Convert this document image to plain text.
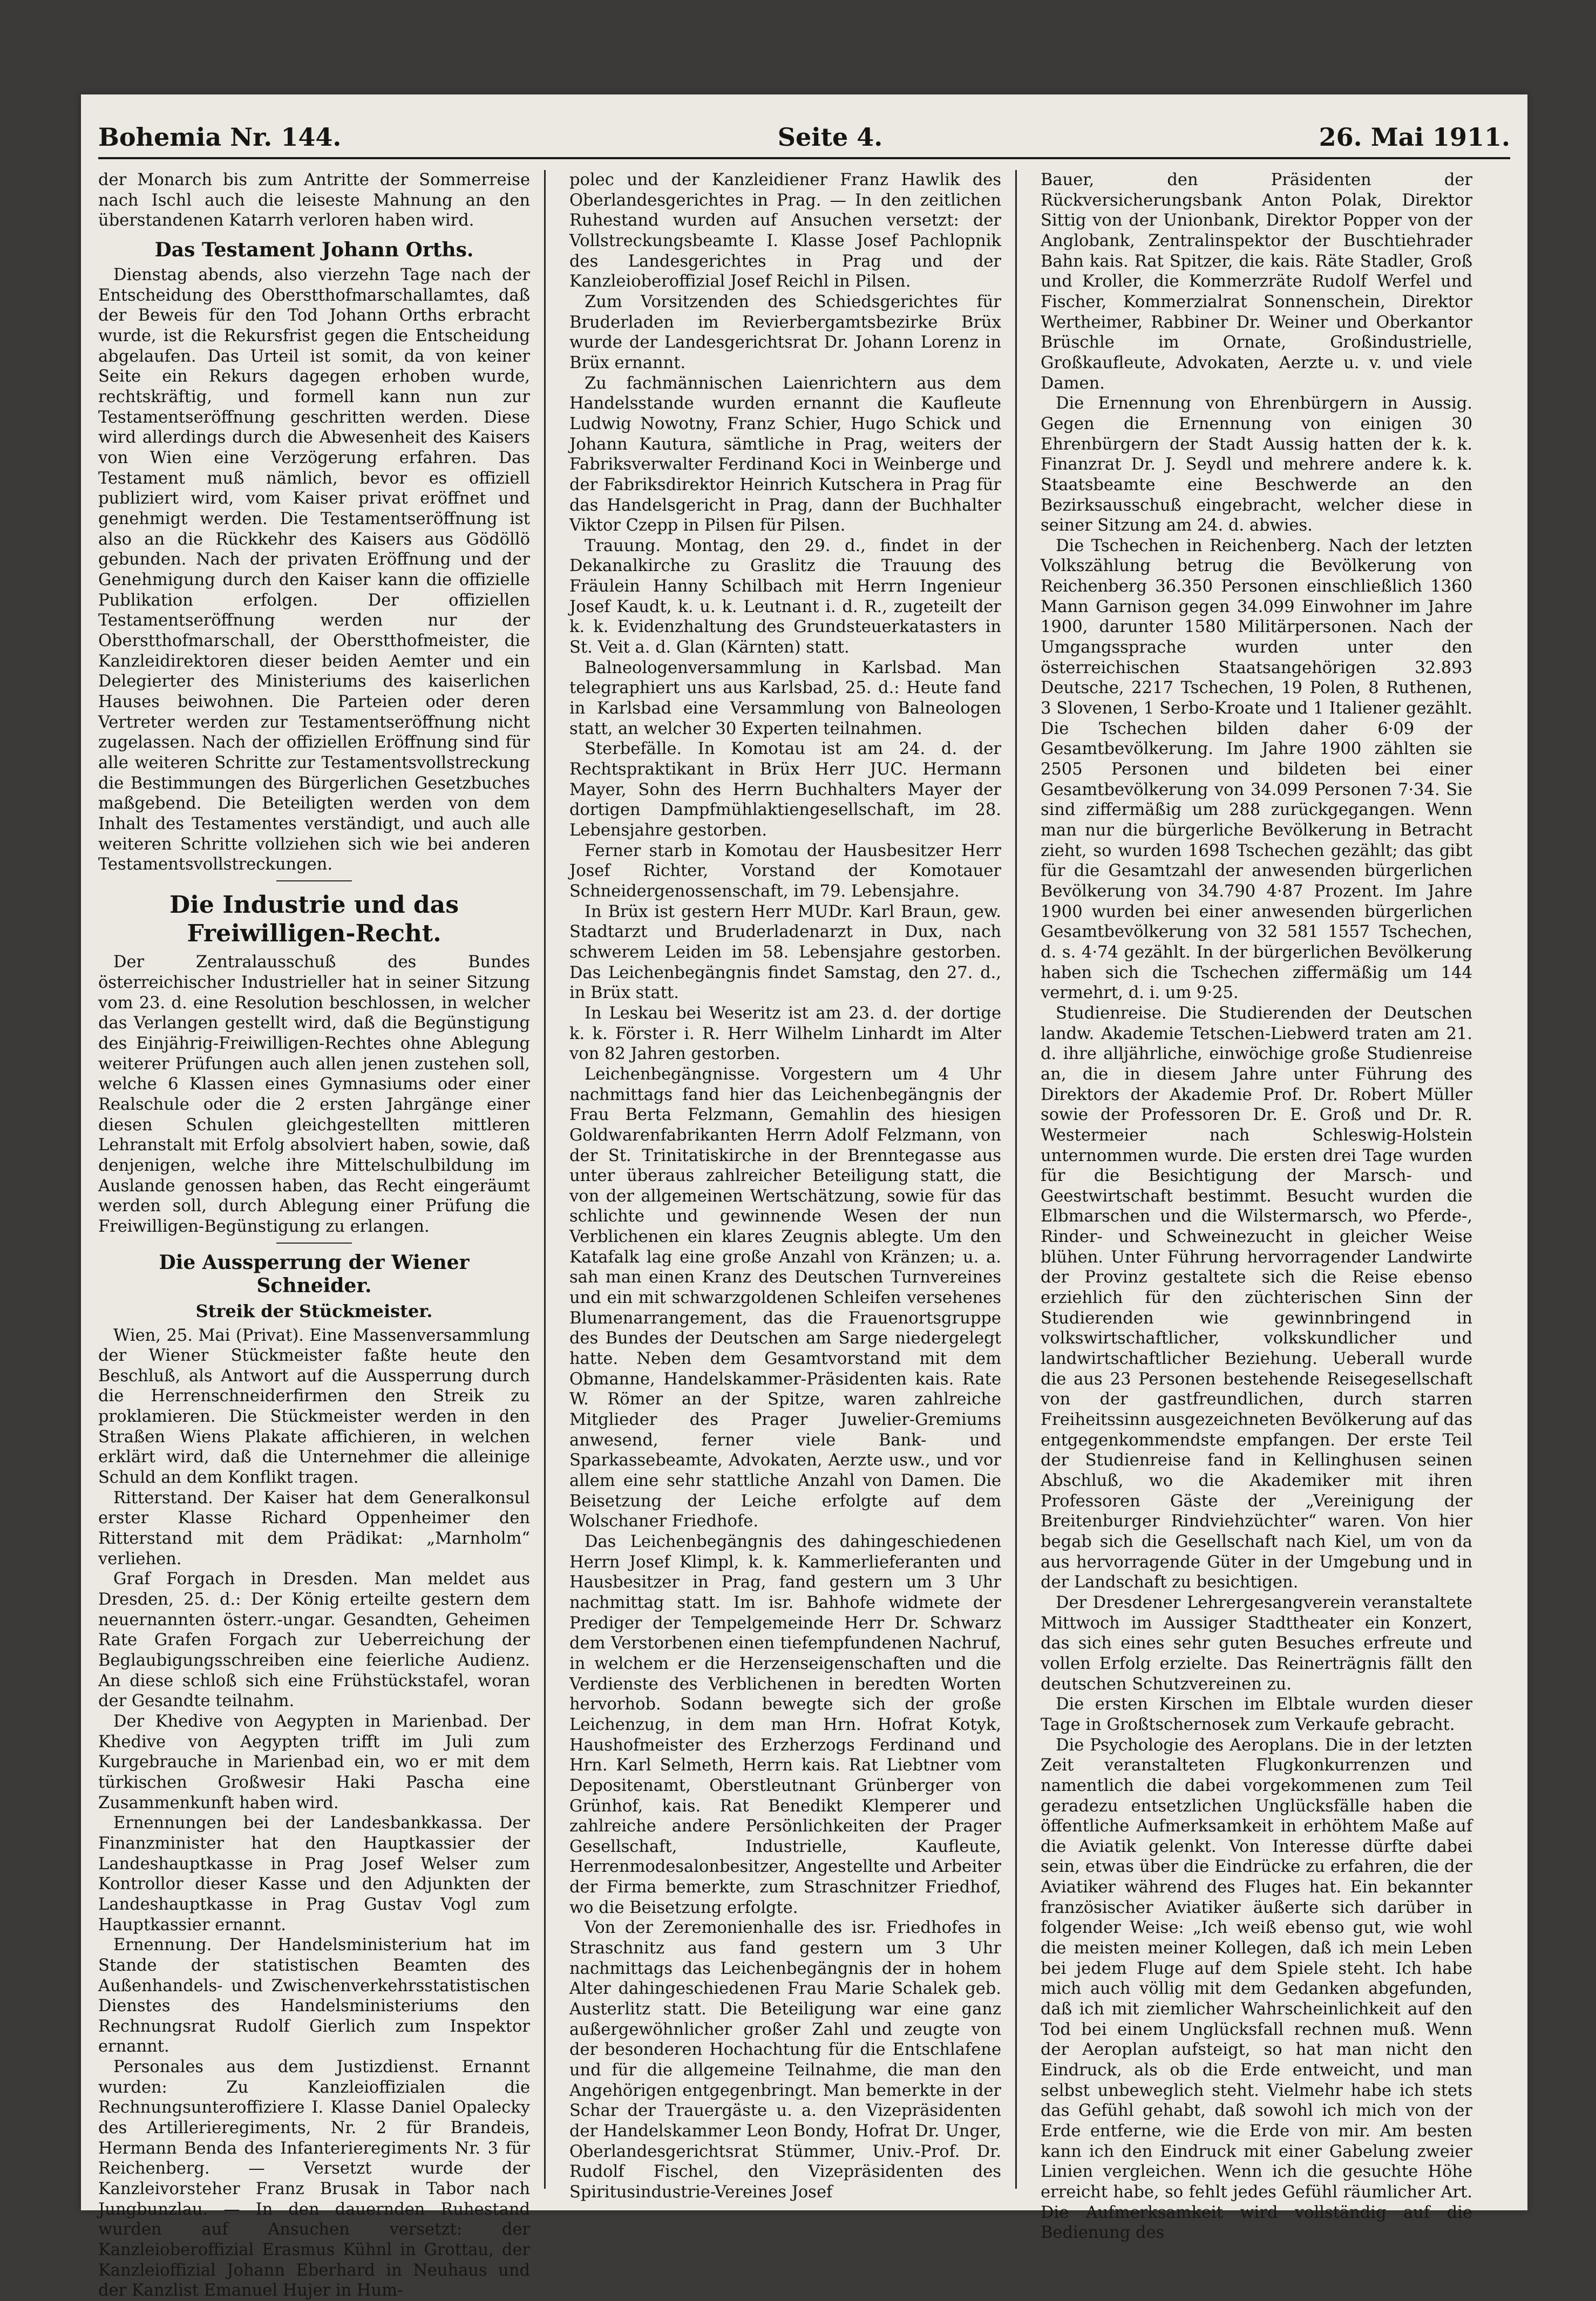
Bohemia Nr. 144.	Seite 4.	26. Mai 1911.

der Monarch bis zum Antritte der Sommerreise nach Ischl auch die leiseste Mahnung an den überstandenen Katarrh verloren haben wird.

Das Testament Johann Orths.

Dienstag abends, also vierzehn Tage nach der Entscheidung des Oberstthofmarschallamtes, daß der Beweis für den Tod Johann Orths erbracht wurde, ist die Rekursfrist gegen die Entscheidung abgelaufen. Das Urteil ist somit, da von keiner Seite ein Rekurs dagegen erhoben wurde, rechtskräftig, und formell kann nun zur Testamentseröffnung geschritten werden. Diese wird allerdings durch die Abwesenheit des Kaisers von Wien eine Verzögerung erfahren. Das Testament muß nämlich, bevor es offiziell publiziert wird, vom Kaiser privat eröffnet und genehmigt werden. Die Testamentseröffnung ist also an die Rückkehr des Kaisers aus Gödöllö gebunden. Nach der privaten Eröffnung und der Genehmigung durch den Kaiser kann die offizielle Publikation erfolgen. Der offiziellen Testamentseröffnung werden nur der Oberstthofmarschall, der Oberstthofmeister, die Kanzleidirektoren dieser beiden Aemter und ein Delegierter des Ministeriums des kaiserlichen Hauses beiwohnen. Die Parteien oder deren Vertreter werden zur Testamentseröffnung nicht zugelassen. Nach der offiziellen Eröffnung sind für alle weiteren Schritte zur Testamentsvollstreckung die Bestimmungen des Bürgerlichen Gesetzbuches maßgebend. Die Beteiligten werden von dem Inhalt des Testamentes verständigt, und auch alle weiteren Schritte vollziehen sich wie bei anderen Testamentsvollstreckungen.

Die Industrie und das Freiwilligen-Recht.

Der Zentralausschuß des Bundes österreichischer Industrieller hat in seiner Sitzung vom 23. d. eine Resolution beschlossen, in welcher das Verlangen gestellt wird, daß die Begünstigung des Einjährig-Freiwilligen-Rechtes ohne Ablegung weiterer Prüfungen auch allen jenen zustehen soll, welche 6 Klassen eines Gymnasiums oder einer Realschule oder die 2 ersten Jahrgänge einer diesen Schulen gleichgestellten mittleren Lehranstalt mit Erfolg absolviert haben, sowie, daß denjenigen, welche ihre Mittelschulbildung im Auslande genossen haben, das Recht eingeräumt werden soll, durch Ablegung einer Prüfung die Freiwilligen-Begünstigung zu erlangen.

Die Aussperrung der Wiener Schneider.
Streik der Stückmeister.

Wien, 25. Mai (Privat). Eine Massenversammlung der Wiener Stückmeister faßte heute den Beschluß, als Antwort auf die Aussperrung durch die Herrenschneiderfirmen den Streik zu proklamieren. Die Stückmeister werden in den Straßen Wiens Plakate affichieren, in welchen erklärt wird, daß die Unternehmer die alleinige Schuld an dem Konflikt tragen.

Ritterstand. Der Kaiser hat dem Generalkonsul erster Klasse Richard Oppenheimer den Ritterstand mit dem Prädikat: „Marnholm“ verliehen.

Graf Forgach in Dresden. Man meldet aus Dresden, 25. d.: Der König erteilte gestern dem neuernannten österr.-ungar. Gesandten, Geheimen Rate Grafen Forgach zur Ueberreichung der Beglaubigungsschreiben eine feierliche Audienz. An diese schloß sich eine Frühstückstafel, woran der Gesandte teilnahm.

Der Khedive von Aegypten in Marienbad. Der Khedive von Aegypten trifft im Juli zum Kurgebrauche in Marienbad ein, wo er mit dem türkischen Großwesir Haki Pascha eine Zusammenkunft haben wird.

Ernennungen bei der Landesbankkassa. Der Finanzminister hat den Hauptkassier der Landeshauptkasse in Prag Josef Welser zum Kontrollor dieser Kasse und den Adjunkten der Landeshauptkasse in Prag Gustav Vogl zum Hauptkassier ernannt.

Ernennung. Der Handelsministerium hat im Stande der statistischen Beamten des Außenhandels- und Zwischenverkehrsstatistischen Dienstes des Handelsministeriums den Rechnungsrat Rudolf Gierlich zum Inspektor ernannt.

Personales aus dem Justizdienst. Ernannt wurden: Zu Kanzleioffizialen die Rechnungsunteroffiziere I. Klasse Daniel Opalecky des Artillerieregiments, Nr. 2 für Brandeis, Hermann Benda des Infanterieregiments Nr. 3 für Reichenberg. — Versetzt wurde der Kanzleivorsteher Franz Brusak in Tabor nach Jungbunzlau. — In den dauernden Ruhestand wurden auf Ansuchen versetzt: der Kanzleioberoffizial Erasmus Kühnl in Grottau, der Kanzleioffizial Johann Eberhard in Neuhaus und der Kanzlist Emanuel Hujer in Hum-

polec und der Kanzleidiener Franz Hawlik des Oberlandesgerichtes in Prag. — In den zeitlichen Ruhestand wurden auf Ansuchen versetzt: der Vollstreckungsbeamte I. Klasse Josef Pachlopnik des Landesgerichtes in Prag und der Kanzleioberoffizial Josef Reichl in Pilsen.

Zum Vorsitzenden des Schiedsgerichtes für Bruderladen im Revierbergamtsbezirke Brüx wurde der Landesgerichtsrat Dr. Johann Lorenz in Brüx ernannt.

Zu fachmännischen Laienrichtern aus dem Handelsstande wurden ernannt die Kaufleute Ludwig Nowotny, Franz Schier, Hugo Schick und Johann Kautura, sämtliche in Prag, weiters der Fabriksverwalter Ferdinand Koci in Weinberge und der Fabriksdirektor Heinrich Kutschera in Prag für das Handelsgericht in Prag, dann der Buchhalter Viktor Czepp in Pilsen für Pilsen.

Trauung. Montag, den 29. d., findet in der Dekanalkirche zu Graslitz die Trauung des Fräulein Hanny Schilbach mit Herrn Ingenieur Josef Kaudt, k. u. k. Leutnant i. d. R., zugeteilt der k. k. Evidenzhaltung des Grundsteuerkatasters in St. Veit a. d. Glan (Kärnten) statt.

Balneologenversammlung in Karlsbad. Man telegraphiert uns aus Karlsbad, 25. d.: Heute fand in Karlsbad eine Versammlung von Balneologen statt, an welcher 30 Experten teilnahmen.

Sterbefälle. In Komotau ist am 24. d. der Rechtspraktikant in Brüx Herr JUC. Hermann Mayer, Sohn des Herrn Buchhalters Mayer der dortigen Dampfmühlaktiengesellschaft, im 28. Lebensjahre gestorben.

Ferner starb in Komotau der Hausbesitzer Herr Josef Richter, Vorstand der Komotauer Schneidergenossenschaft, im 79. Lebensjahre.

In Brüx ist gestern Herr MUDr. Karl Braun, gew. Stadtarzt und Bruderladenarzt in Dux, nach schwerem Leiden im 58. Lebensjahre gestorben. Das Leichenbegängnis findet Samstag, den 27. d., in Brüx statt.

In Leskau bei Weseritz ist am 23. d. der dortige k. k. Förster i. R. Herr Wilhelm Linhardt im Alter von 82 Jahren gestorben.

Leichenbegängnisse. Vorgestern um 4 Uhr nachmittags fand hier das Leichenbegängnis der Frau Berta Felzmann, Gemahlin des hiesigen Goldwarenfabrikanten Herrn Adolf Felzmann, von der St. Trinitatiskirche in der Brenntegasse aus unter überaus zahlreicher Beteiligung statt, die von der allgemeinen Wertschätzung, sowie für das schlichte und gewinnende Wesen der nun Verblichenen ein klares Zeugnis ablegte. Um den Katafalk lag eine große Anzahl von Kränzen; u. a. sah man einen Kranz des Deutschen Turnvereines und ein mit schwarzgoldenen Schleifen versehenes Blumenarrangement, das die Frauenortsgruppe des Bundes der Deutschen am Sarge niedergelegt hatte. Neben dem Gesamtvorstand mit dem Obmanne, Handelskammer-Präsidenten kais. Rate W. Römer an der Spitze, waren zahlreiche Mitglieder des Prager Juwelier-Gremiums anwesend, ferner viele Bank- und Sparkassebeamte, Advokaten, Aerzte usw., und vor allem eine sehr stattliche Anzahl von Damen. Die Beisetzung der Leiche erfolgte auf dem Wolschaner Friedhofe.

Das Leichenbegängnis des dahingeschiedenen Herrn Josef Klimpl, k. k. Kammerlieferanten und Hausbesitzer in Prag, fand gestern um 3 Uhr nachmittag statt. Im isr. Bahhofe widmete der Prediger der Tempelgemeinde Herr Dr. Schwarz dem Verstorbenen einen tiefempfundenen Nachruf, in welchem er die Herzenseigenschaften und die Verdienste des Verblichenen in beredten Worten hervorhob. Sodann bewegte sich der große Leichenzug, in dem man Hrn. Hofrat Kotyk, Haushofmeister des Erzherzogs Ferdinand und Hrn. Karl Selmeth, Herrn kais. Rat Liebtner vom Depositenamt, Oberstleutnant Grünberger von Grünhof, kais. Rat Benedikt Klemperer und zahlreiche andere Persönlichkeiten der Prager Gesellschaft, Industrielle, Kaufleute, Herrenmodesalonbesitzer, Angestellte und Arbeiter der Firma bemerkte, zum Straschnitzer Friedhof, wo die Beisetzung erfolgte.

Von der Zeremonienhalle des isr. Friedhofes in Straschnitz aus fand gestern um 3 Uhr nachmittags das Leichenbegängnis der in hohem Alter dahingeschiedenen Frau Marie Schalek geb. Austerlitz statt. Die Beteiligung war eine ganz außergewöhnlicher großer Zahl und zeugte von der besonderen Hochachtung für die Entschlafene und für die allgemeine Teilnahme, die man den Angehörigen entgegenbringt. Man bemerkte in der Schar der Trauergäste u. a. den Vizepräsidenten der Handelskammer Leon Bondy, Hofrat Dr. Unger, Oberlandesgerichtsrat Stümmer, Univ.-Prof. Dr. Rudolf Fischel, den Vizepräsidenten des Spiritusindustrie-Vereines Josef

Bauer, den Präsidenten der Rückversicherungsbank Anton Polak, Direktor Sittig von der Unionbank, Direktor Popper von der Anglobank, Zentralinspektor der Buschtiehrader Bahn kais. Rat Spitzer, die kais. Räte Stadler, Groß und Kroller, die Kommerzräte Rudolf Werfel und Fischer, Kommerzialrat Sonnenschein, Direktor Wertheimer, Rabbiner Dr. Weiner und Oberkantor Brüschle im Ornate, Großindustrielle, Großkaufleute, Advokaten, Aerzte u. v. und viele Damen.

Die Ernennung von Ehrenbürgern in Aussig. Gegen die Ernennung von einigen 30 Ehrenbürgern der Stadt Aussig hatten der k. k. Finanzrat Dr. J. Seydl und mehrere andere k. k. Staatsbeamte eine Beschwerde an den Bezirksausschuß eingebracht, welcher diese in seiner Sitzung am 24. d. abwies.

Die Tschechen in Reichenberg. Nach der letzten Volkszählung betrug die Bevölkerung von Reichenberg 36.350 Personen einschließlich 1360 Mann Garnison gegen 34.099 Einwohner im Jahre 1900, darunter 1580 Militärpersonen. Nach der Umgangssprache wurden unter den österreichischen Staatsangehörigen 32.893 Deutsche, 2217 Tschechen, 19 Polen, 8 Ruthenen, 3 Slovenen, 1 Serbo-Kroate und 1 Italiener gezählt. Die Tschechen bilden daher 6·09 der Gesamtbevölkerung. Im Jahre 1900 zählten sie 2505 Personen und bildeten bei einer Gesamtbevölkerung von 34.099 Personen 7·34. Sie sind ziffermäßig um 288 zurückgegangen. Wenn man nur die bürgerliche Bevölkerung in Betracht zieht, so wurden 1698 Tschechen gezählt; das gibt für die Gesamtzahl der anwesenden bürgerlichen Bevölkerung von 34.790 4·87 Prozent. Im Jahre 1900 wurden bei einer anwesenden bürgerlichen Gesamtbevölkerung von 32 581 1557 Tschechen, d. s. 4·74 gezählt. In der bürgerlichen Bevölkerung haben sich die Tschechen ziffermäßig um 144 vermehrt, d. i. um 9·25.

Studienreise. Die Studierenden der Deutschen landw. Akademie Tetschen-Liebwerd traten am 21. d. ihre alljährliche, einwöchige große Studienreise an, die in diesem Jahre unter Führung des Direktors der Akademie Prof. Dr. Robert Müller sowie der Professoren Dr. E. Groß und Dr. R. Westermeier nach Schleswig-Holstein unternommen wurde. Die ersten drei Tage wurden für die Besichtigung der Marsch- und Geestwirtschaft bestimmt. Besucht wurden die Elbmarschen und die Wilstermarsch, wo Pferde-, Rinder- und Schweinezucht in gleicher Weise blühen. Unter Führung hervorragender Landwirte der Provinz gestaltete sich die Reise ebenso erziehlich für den züchterischen Sinn der Studierenden wie gewinnbringend in volkswirtschaftlicher, volkskundlicher und landwirtschaftlicher Beziehung. Ueberall wurde die aus 23 Personen bestehende Reisegesellschaft von der gastfreundlichen, durch starren Freiheitssinn ausgezeichneten Bevölkerung auf das entgegenkommendste empfangen. Der erste Teil der Studienreise fand in Kellinghusen seinen Abschluß, wo die Akademiker mit ihren Professoren Gäste der „Vereinigung der Breitenburger Rindviehzüchter“ waren. Von hier begab sich die Gesellschaft nach Kiel, um von da aus hervorragende Güter in der Umgebung und in der Landschaft zu besichtigen.

Der Dresdener Lehrergesangverein veranstaltete Mittwoch im Aussiger Stadttheater ein Konzert, das sich eines sehr guten Besuches erfreute und vollen Erfolg erzielte. Das Reinerträgnis fällt den deutschen Schutzvereinen zu.

Die ersten Kirschen im Elbtale wurden dieser Tage in Großtschernosek zum Verkaufe gebracht.

Die Psychologie des Aeroplans. Die in der letzten Zeit veranstalteten Flugkonkurrenzen und namentlich die dabei vorgekommenen zum Teil geradezu entsetzlichen Unglücksfälle haben die öffentliche Aufmerksamkeit in erhöhtem Maße auf die Aviatik gelenkt. Von Interesse dürfte dabei sein, etwas über die Eindrücke zu erfahren, die der Aviatiker während des Fluges hat. Ein bekannter französischer Aviatiker äußerte sich darüber in folgender Weise: „Ich weiß ebenso gut, wie wohl die meisten meiner Kollegen, daß ich mein Leben bei jedem Fluge auf dem Spiele steht. Ich habe mich auch völlig mit dem Gedanken abgefunden, daß ich mit ziemlicher Wahrscheinlichkeit auf den Tod bei einem Unglücksfall rechnen muß. Wenn der Aeroplan aufsteigt, so hat man nicht den Eindruck, als ob die Erde entweicht, und man selbst unbeweglich steht. Vielmehr habe ich stets das Gefühl gehabt, daß sowohl ich mich von der Erde entferne, wie die Erde von mir. Am besten kann ich den Eindruck mit einer Gabelung zweier Linien vergleichen. Wenn ich die gesuchte Höhe erreicht habe, so fehlt jedes Gefühl räumlicher Art. Die Aufmerksamkeit wird vollständig auf die Bedienung des
